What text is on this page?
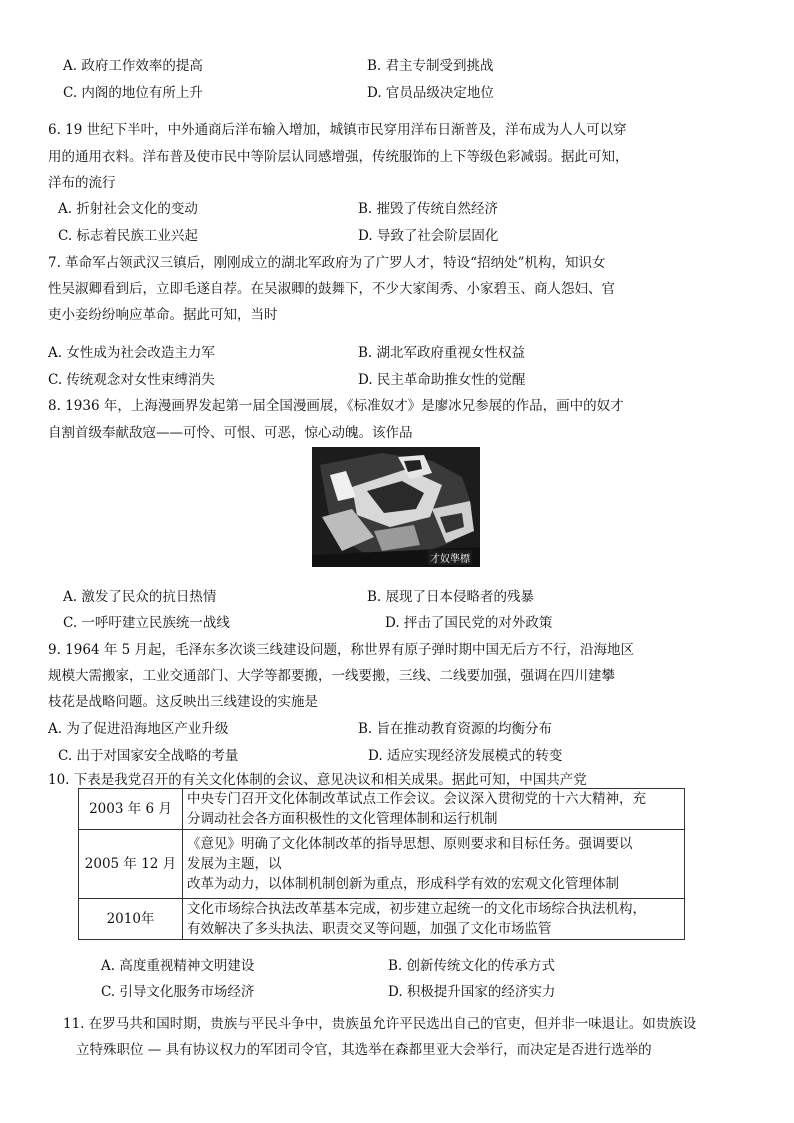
A. 政府工作效率的提高	B. 君主专制受到挑战
C. 内阁的地位有所上升	D. 官员品级决定地位
6. 19 世纪下半叶，中外通商后洋布输入增加，城镇市民穿用洋布日渐普及，洋布成为人人可以穿
用的通用衣料。洋布普及使市民中等阶层认同感增强，传统服饰的上下等级色彩减弱。据此可知，
洋布的流行
A. 折射社会文化的变动	B. 摧毁了传统自然经济
C. 标志着民族工业兴起	D. 导致了社会阶层固化
7. 革命军占领武汉三镇后，刚刚成立的湖北军政府为了广罗人才，特设“招纳处”机构，知识女
性吴淑卿看到后，立即毛遂自荐。在吴淑卿的鼓舞下，不少大家闺秀、小家碧玉、商人怨妇、官
吏小妾纷纷响应革命。据此可知，当时
A. 女性成为社会改造主力军	B. 湖北军政府重视女性权益
C. 传统观念对女性束缚消失	D. 民主革命助推女性的觉醒
8. 1936 年，上海漫画界发起第一届全国漫画展，《标准奴才》是廖冰兄参展的作品，画中的奴才
自割首级奉献敌寇——可怜、可恨、可恶，惊心动魄。该作品
才奴準標
A. 激发了民众的抗日热情	B. 展现了日本侵略者的残暴
C. 一呼吁建立民族统一战线	D. 抨击了国民党的对外政策
9. 1964 年 5 月起，毛泽东多次谈三线建设问题，称世界有原子弹时期中国无后方不行，沿海地区
规模大需搬家，工业交通部门、大学等都要搬，一线要搬，三线、二线要加强，强调在四川建攀
枝花是战略问题。这反映出三线建设的实施是
A. 为了促进沿海地区产业升级	B. 旨在推动教育资源的均衡分布
C. 出于对国家安全战略的考量	D. 适应实现经济发展模式的转变
10. 下表是我党召开的有关文化体制的会议、意见决议和相关成果。据此可知，中国共产党
2003 年 6 月	中央专门召开文化体制改革试点工作会议。会议深入贯彻党的十六大精神，充
分调动社会各方面积极性的文化管理体制和运行机制

2005 年 12 月	《意见》明确了文化体制改革的指导思想、原则要求和目标任务。强调要以
发展为主题，以
改革为动力，以体制机制创新为重点，形成科学有效的宏观文化管理体制

2010年	文化市场综合执法改革基本完成，初步建立起统一的文化市场综合执法机构，
有效解决了多头执法、职责交叉等问题，加强了文化市场监管
A. 高度重视精神文明建设	B. 创新传统文化的传承方式
C. 引导文化服务市场经济	D. 积极提升国家的经济实力
11. 在罗马共和国时期，贵族与平民斗争中，贵族虽允许平民选出自己的官吏，但并非一味退让。如贵族设
立特殊职位 — 具有协议权力的军团司令官，其选举在森都里亚大会举行，而决定是否进行选举的
